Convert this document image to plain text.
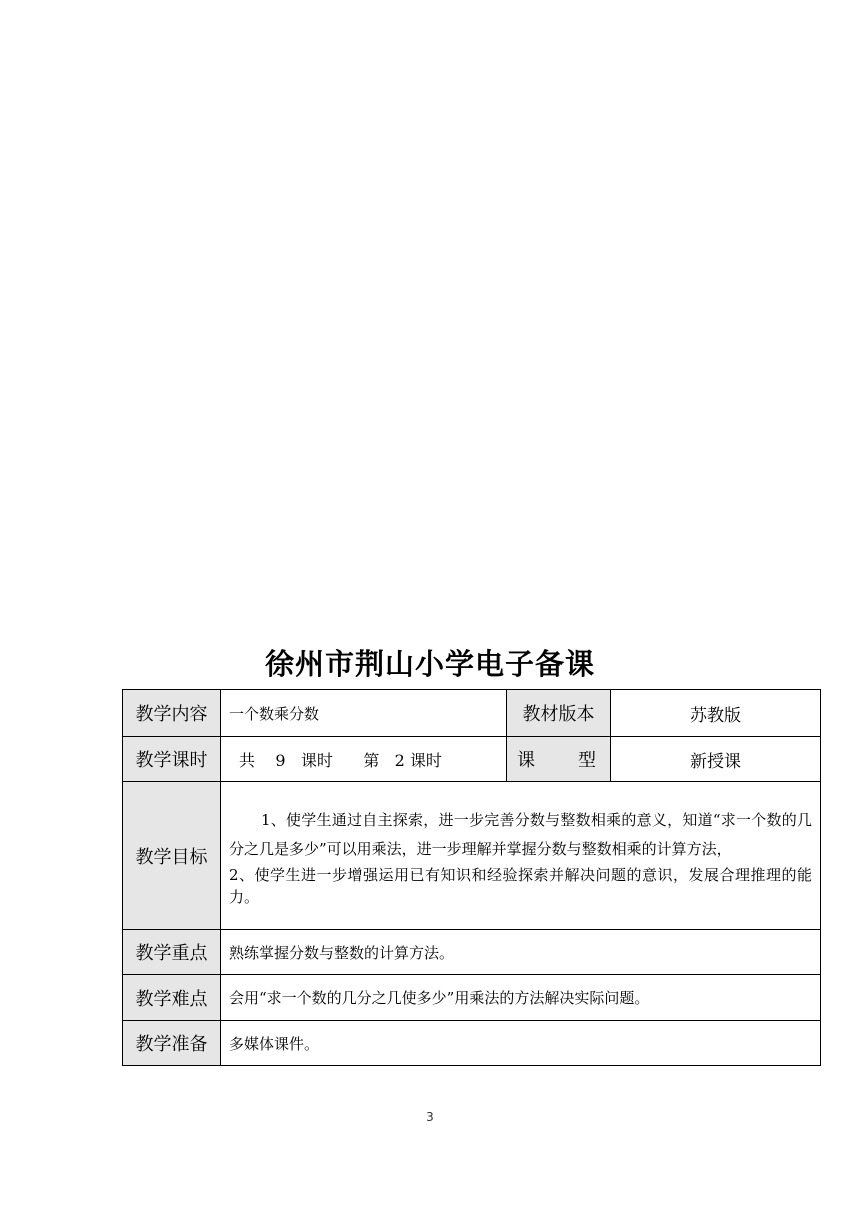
徐州市荆山小学电子备课
教学内容	一个数乘分数	教材版本	苏教版
教学课时	共 9 课时 第 2 课时	课 型	新授课
教学目标	1、使学生通过自主探索，进一步完善分数与整数相乘的意义，知道“求一个数的几分之几是多少”可以用乘法，进一步理解并掌握分数与整数相乘的计算方法，
2、使学生进一步增强运用已有知识和经验探索并解决问题的意识，发展合理推理的能力。		

教学重点	熟练掌握分数与整数的计算方法。		
教学难点	会用“求一个数的几分之几使多少”用乘法的方法解决实际问题。		
教学准备	多媒体课件。		
3
